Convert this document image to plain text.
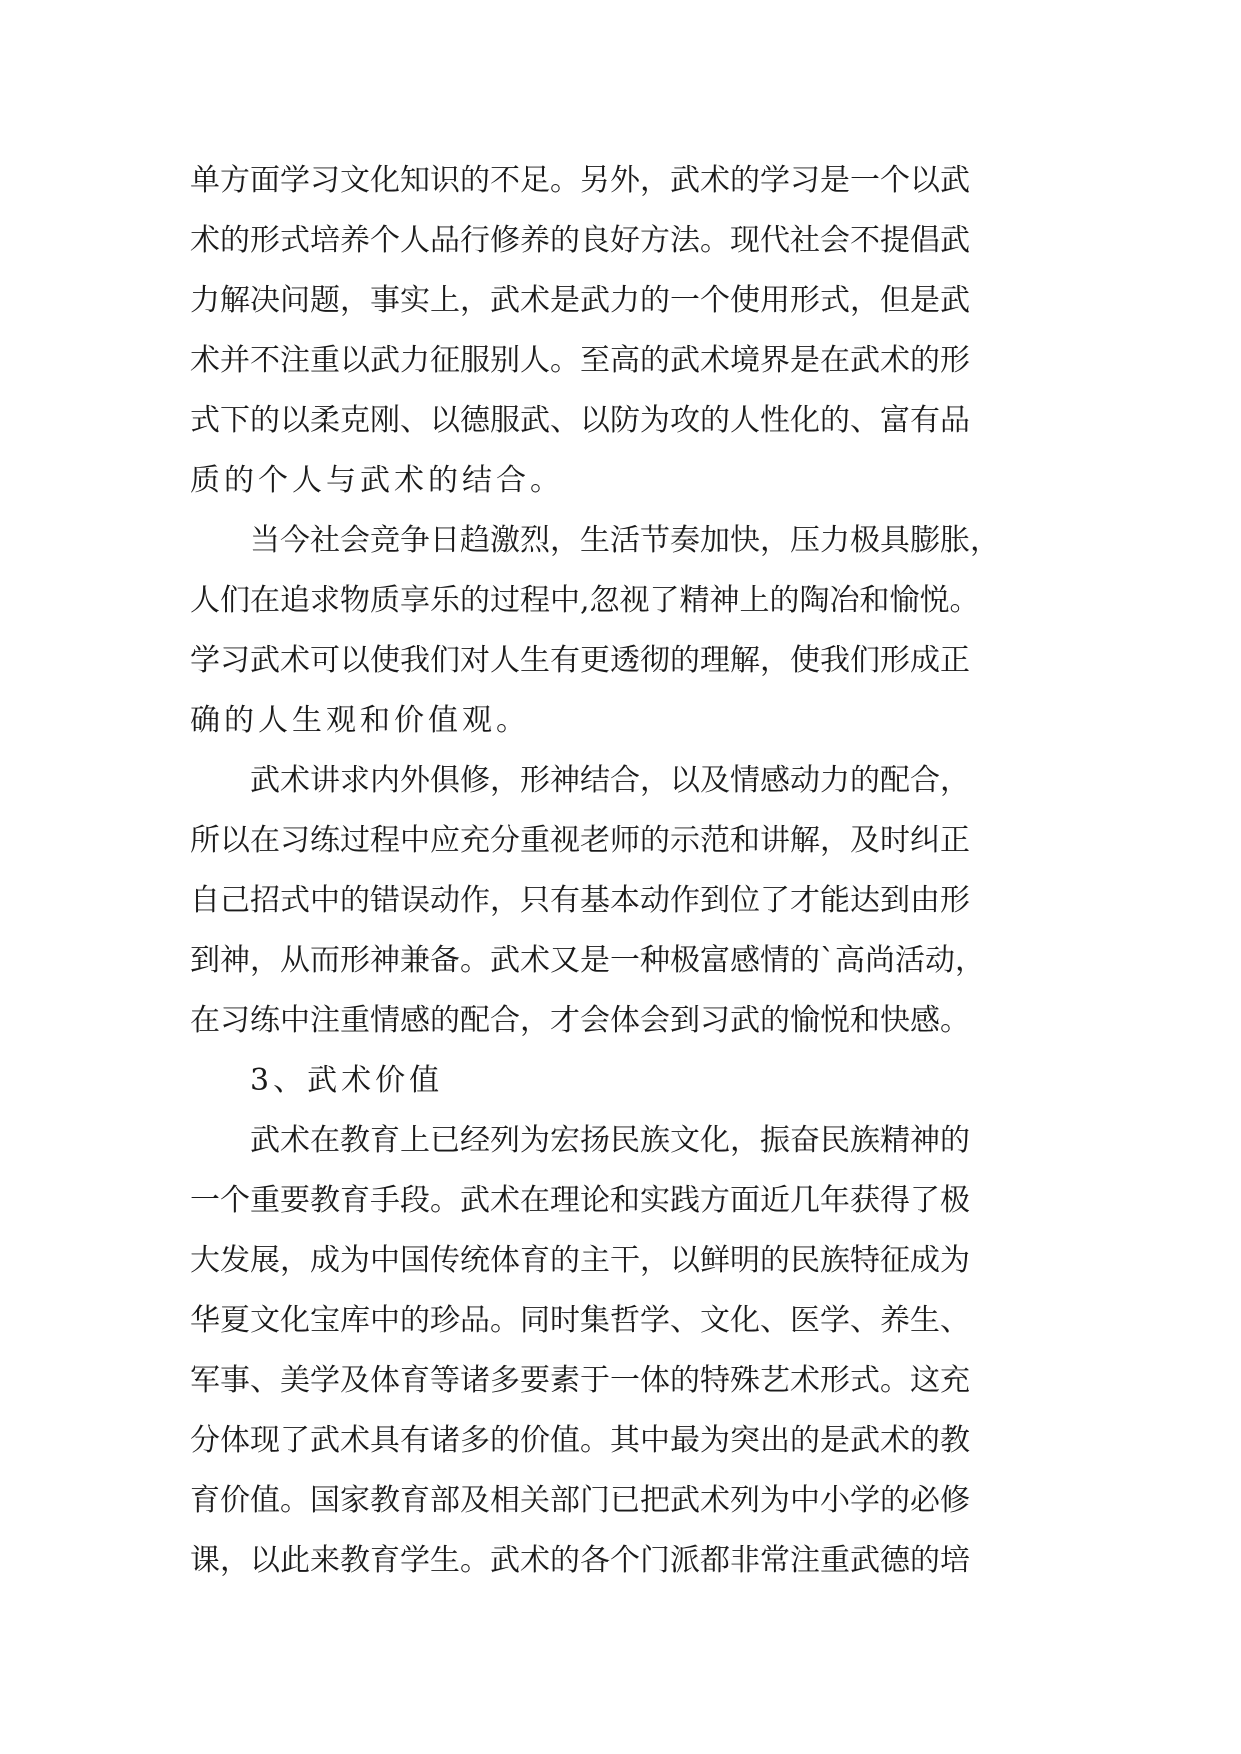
单方面学习文化知识的不足。另外，武术的学习是一个以武
术的形式培养个人品行修养的良好方法。现代社会不提倡武
力解决问题，事实上，武术是武力的一个使用形式，但是武
术并不注重以武力征服别人。至高的武术境界是在武术的形
式下的以柔克刚、以德服武、以防为攻的人性化的、富有品
质的个人与武术的结合。
当今社会竞争日趋激烈，生活节奏加快，压力极具膨胀，
人们在追求物质享乐的过程中,忽视了精神上的陶冶和愉悦。
学习武术可以使我们对人生有更透彻的理解，使我们形成正
确的人生观和价值观。
武术讲求内外俱修，形神结合，以及情感动力的配合，
所以在习练过程中应充分重视老师的示范和讲解，及时纠正
自己招式中的错误动作，只有基本动作到位了才能达到由形
到神，从而形神兼备。武术又是一种极富感情的`高尚活动，
在习练中注重情感的配合，才会体会到习武的愉悦和快感。
3、武术价值
武术在教育上已经列为宏扬民族文化，振奋民族精神的
一个重要教育手段。武术在理论和实践方面近几年获得了极
大发展，成为中国传统体育的主干，以鲜明的民族特征成为
华夏文化宝库中的珍品。同时集哲学、文化、医学、养生、
军事、美学及体育等诸多要素于一体的特殊艺术形式。这充
分体现了武术具有诸多的价值。其中最为突出的是武术的教
育价值。国家教育部及相关部门已把武术列为中小学的必修
课，以此来教育学生。武术的各个门派都非常注重武德的培
